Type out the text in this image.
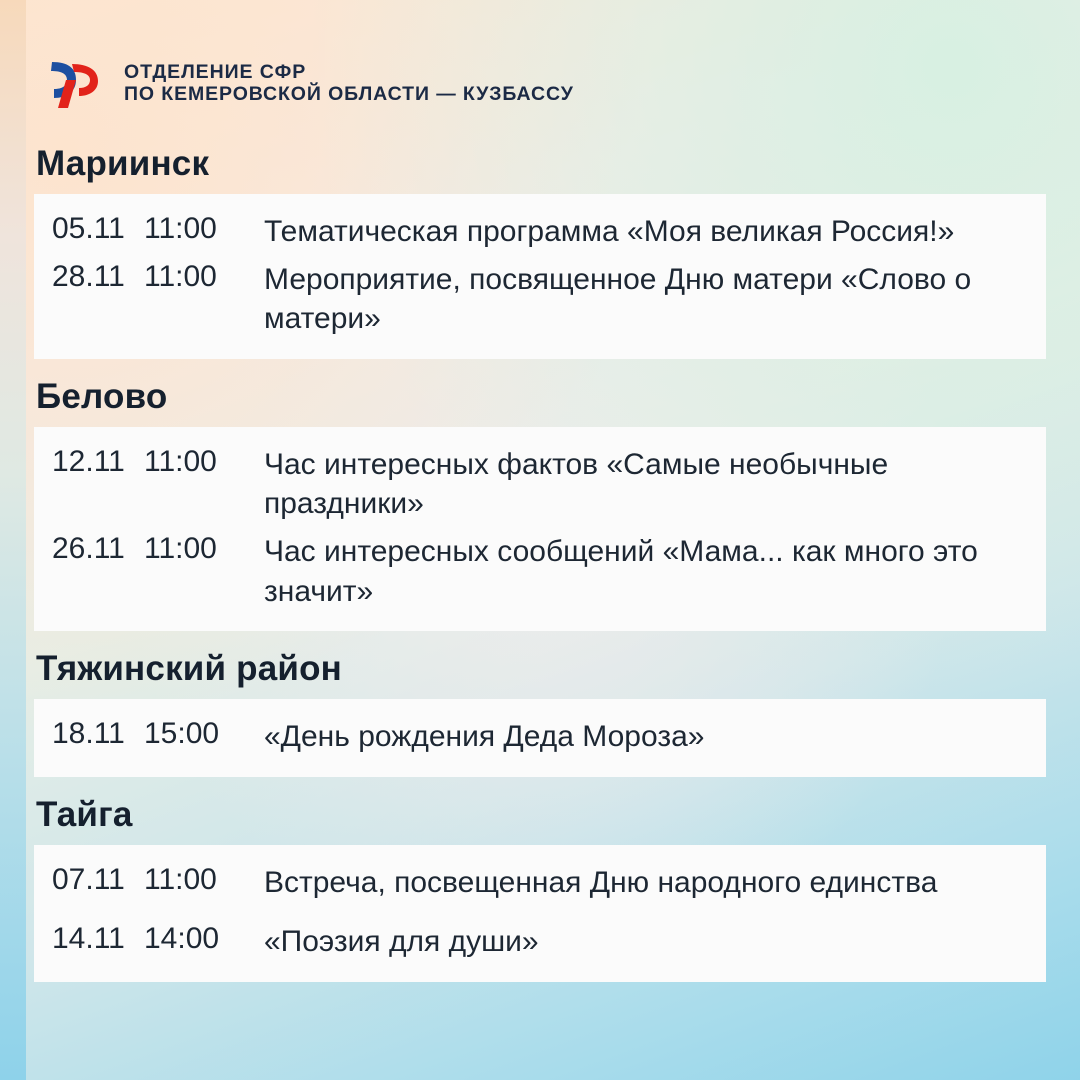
ОТДЕЛЕНИЕ СФР
ПО КЕМЕРОВСКОЙ ОБЛАСТИ — КУЗБАССУ
Мариинск
05.11 11:00	Тематическая программа «Моя великая Россия!»
28.11 11:00	Мероприятие, посвященное Дню матери «Слово о матери»
Белово
12.11 11:00	Час интересных фактов «Самые необычные праздники»
26.11 11:00	Час интересных сообщений «Мама... как много это значит»
Тяжинский район
18.11 15:00	«День рождения Деда Мороза»
Тайга
07.11 11:00	Встреча, посвещенная Дню народного единства
14.11 14:00	«Поэзия для души»
